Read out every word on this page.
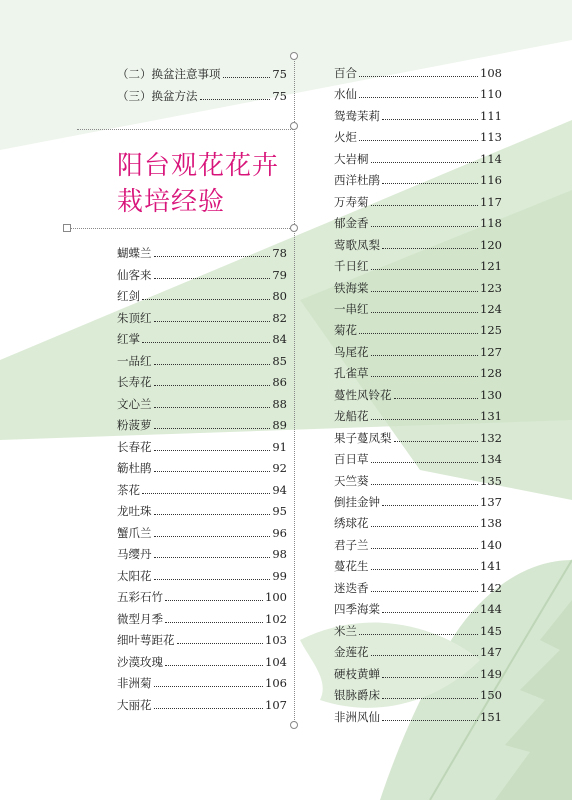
（二）换盆注意事项	75
（三）换盆方法	75
阳台观花花卉
栽培经验
蝴蝶兰	78
仙客来	79
红剑	80
朱顶红	82
红掌	84
一品红	85
长寿花	86
文心兰	88
粉菠萝	89
长春花	91
簕杜鹃	92
茶花	94
龙吐珠	95
蟹爪兰	96
马缨丹	98
太阳花	99
五彩石竹	100
微型月季	102
细叶萼距花	103
沙漠玫瑰	104
非洲菊	106
大丽花	107
百合	108
水仙	110
鸳鸯茉莉	111
火炬	113
大岩桐	114
西洋杜鹃	116
万寿菊	117
郁金香	118
莺歌凤梨	120
千日红	121
铁海棠	123
一串红	124
菊花	125
鸟尾花	127
孔雀草	128
蔓性风铃花	130
龙船花	131
果子蔓凤梨	132
百日草	134
天竺葵	135
倒挂金钟	137
绣球花	138
君子兰	140
蔓花生	141
迷迭香	142
四季海棠	144
米兰	145
金莲花	147
硬枝黄蝉	149
银脉爵床	150
非洲风仙	151
